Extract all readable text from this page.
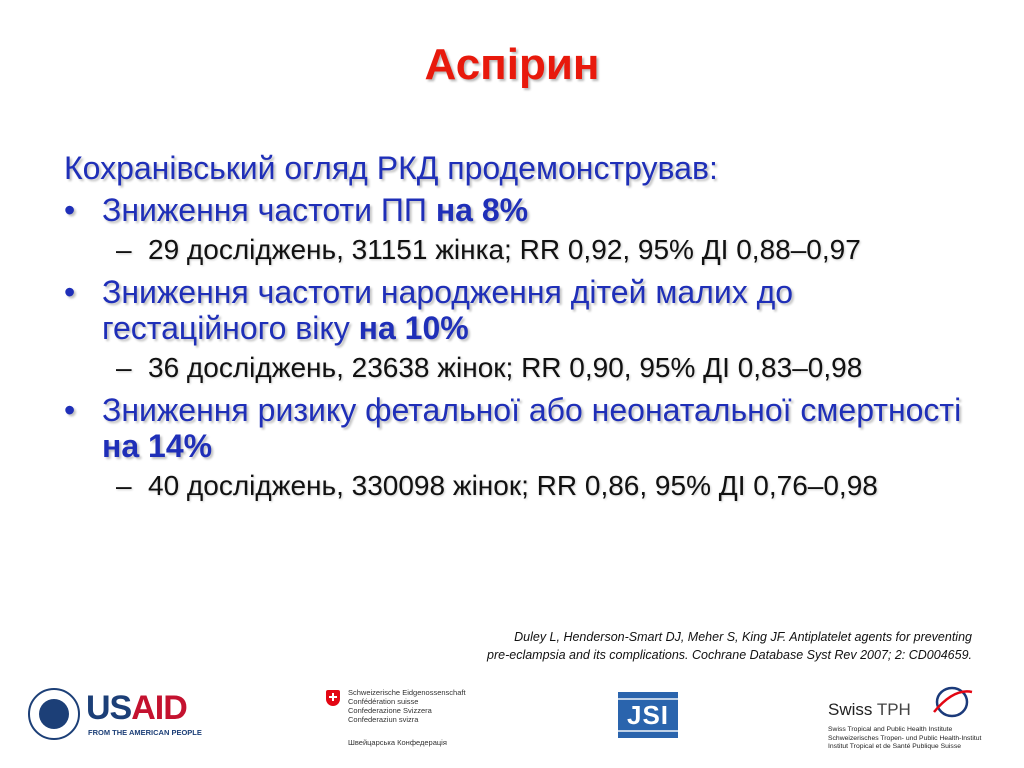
Аспірин
Кохранівський огляд РКД продемонстрував:
• Зниження частоти ПП на 8%
– 29 досліджень, 31151 жінка; RR 0,92, 95% ДІ 0,88–0,97
• Зниження частоти народження дітей малих до гестаційного віку на 10%
– 36 досліджень, 23638 жінок; RR 0,90, 95% ДІ 0,83–0,98
• Зниження ризику фетальної або неонатальної смертності на 14%
– 40 досліджень, 330098 жінок; RR 0,86, 95% ДІ 0,76–0,98
Duley L, Henderson-Smart DJ, Meher S, King JF. Antiplatelet agents for preventing
pre-eclampsia and its complications. Cochrane Database Syst Rev 2007; 2: CD004659.
USAID
FROM THE AMERICAN PEOPLE
Schweizerische Eidgenossenschaft
Confédération suisse
Confederazione Svizzera
Confederaziun svizra
Швейцарська Конфедерація
JSI	Swiss TPH
Swiss Tropical and Public Health Institute
Schweizerisches Tropen- und Public Health-Institut
Institut Tropical et de Santé Publique Suisse
